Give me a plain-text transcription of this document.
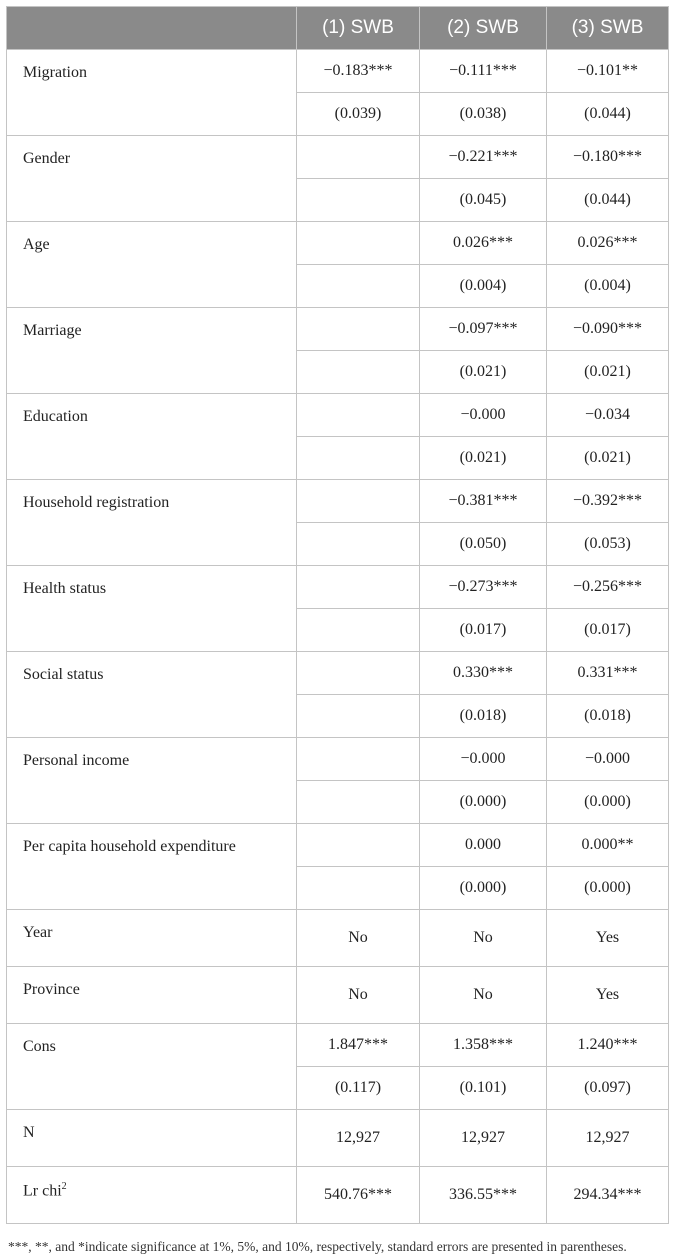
	(1) SWB	(2) SWB	(3) SWB
Migration	−0.183***	−0.111***	−0.101**
	(0.039)	(0.038)	(0.044)
Gender		−0.221***	−0.180***
		(0.045)	(0.044)
Age		0.026***	0.026***
		(0.004)	(0.004)
Marriage		−0.097***	−0.090***
		(0.021)	(0.021)
Education		−0.000	−0.034
		(0.021)	(0.021)
Household registration		−0.381***	−0.392***
		(0.050)	(0.053)
Health status		−0.273***	−0.256***
		(0.017)	(0.017)
Social status		0.330***	0.331***
		(0.018)	(0.018)
Personal income		−0.000	−0.000
		(0.000)	(0.000)
Per capita household expenditure		0.000	0.000**
		(0.000)	(0.000)
Year	No	No	Yes
Province	No	No	Yes
Cons	1.847***	1.358***	1.240***
	(0.117)	(0.101)	(0.097)
N	12,927	12,927	12,927
Lr chi$^2$	540.76***	336.55***	294.34***
***, **, and *indicate significance at 1%, 5%, and 10%, respectively, standard errors are presented in parentheses.
